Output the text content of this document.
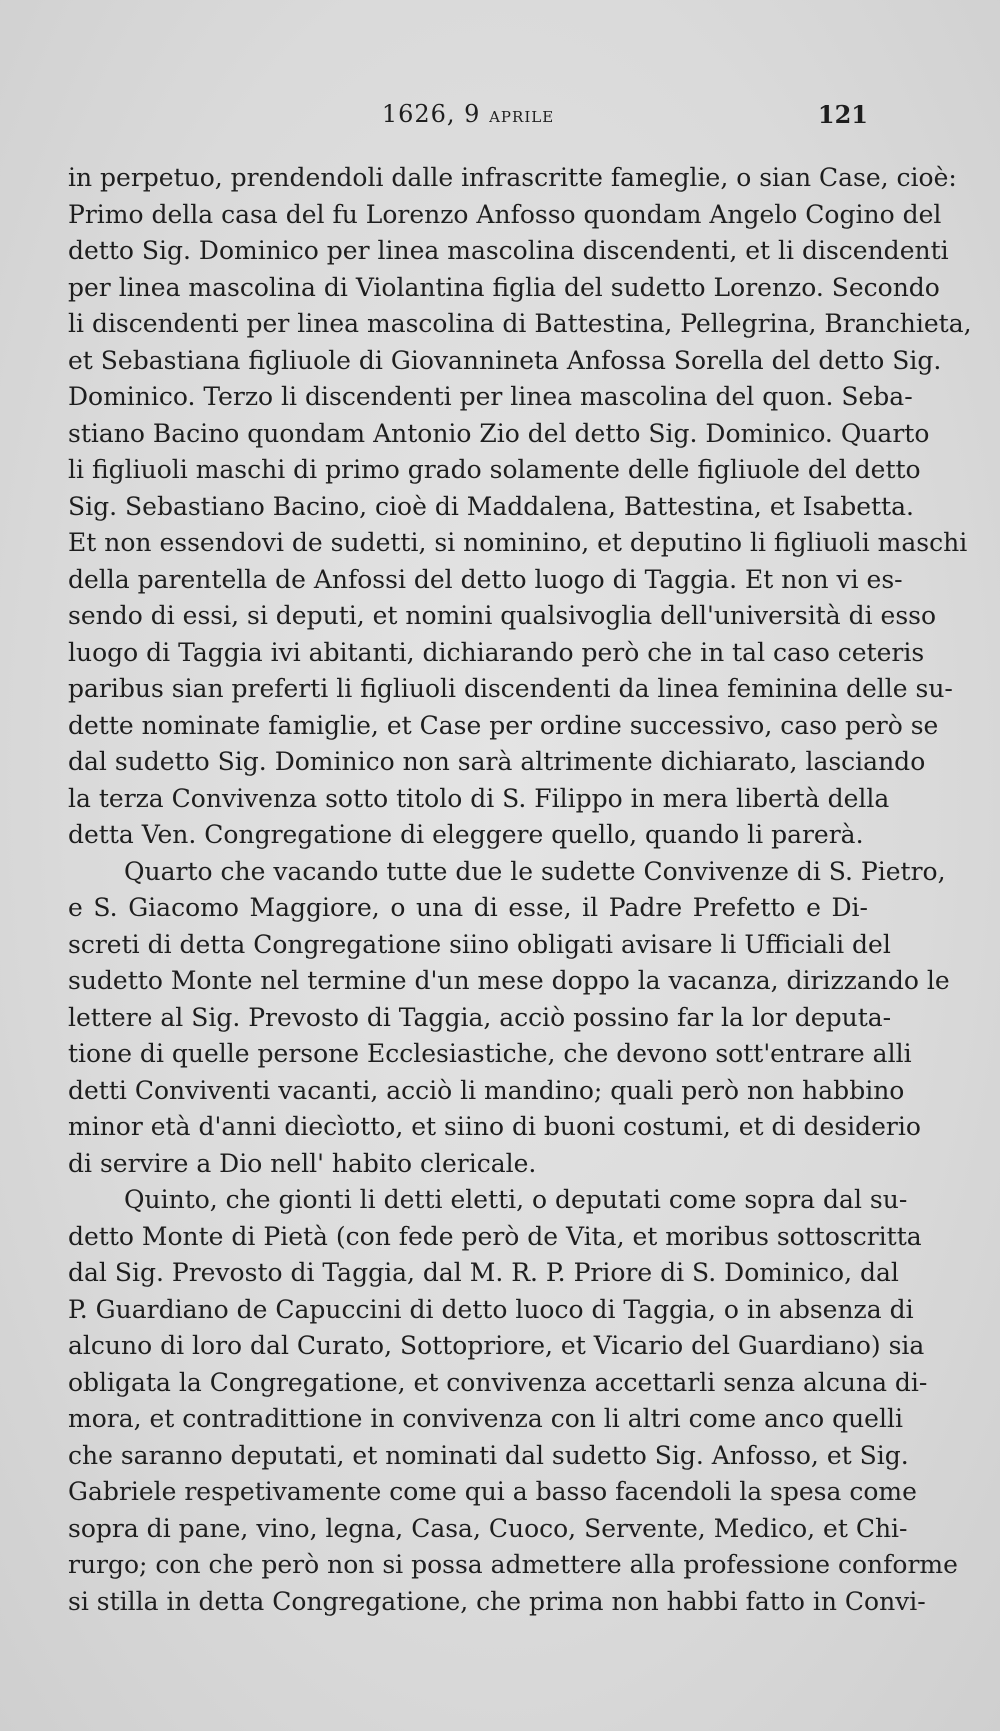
1626, 9 APRILE	121
in perpetuo, prendendoli dalle infrascritte fameglie, o sian Case, cioè:
Primo della casa del fu Lorenzo Anfosso quondam Angelo Cogino del
detto Sig. Dominico per linea mascolina discendenti, et li discendenti
per linea mascolina di Violantina figlia del sudetto Lorenzo. Secondo
li discendenti per linea mascolina di Battestina, Pellegrina, Branchieta,
et Sebastiana figliuole di Giovannineta Anfossa Sorella del detto Sig.
Dominico. Terzo li discendenti per linea mascolina del quon. Seba-
stiano Bacino quondam Antonio Zio del detto Sig. Dominico. Quarto
li figliuoli maschi di primo grado solamente delle figliuole del detto
Sig. Sebastiano Bacino, cioè di Maddalena, Battestina, et Isabetta.
Et non essendovi de sudetti, si nominino, et deputino li figliuoli maschi
della parentella de Anfossi del detto luogo di Taggia. Et non vi es-
sendo di essi, si deputi, et nomini qualsivoglia dell'università di esso
luogo di Taggia ivi abitanti, dichiarando però che in tal caso ceteris
paribus sian preferti li figliuoli discendenti da linea feminina delle su-
dette nominate famiglie, et Case per ordine successivo, caso però se
dal sudetto Sig. Dominico non sarà altrimente dichiarato, lasciando
la terza Convivenza sotto titolo di S. Filippo in mera libertà della
detta Ven. Congregatione di eleggere quello, quando li parerà.
Quarto che vacando tutte due le sudette Convivenze di S. Pietro,
e S. Giacomo Maggiore, o una di esse, il Padre Prefetto e Di-
screti di detta Congregatione siino obligati avisare li Ufficiali del
sudetto Monte nel termine d'un mese doppo la vacanza, dirizzando le
lettere al Sig. Prevosto di Taggia, acciò possino far la lor deputa-
tione di quelle persone Ecclesiastiche, che devono sott'entrare alli
detti Conviventi vacanti, acciò li mandino; quali però non habbino
minor età d'anni diecìotto, et siino di buoni costumi, et di desiderio
di servire a Dio nell' habito clericale.
Quinto, che gionti li detti eletti, o deputati come sopra dal su-
detto Monte di Pietà (con fede però de Vita, et moribus sottoscritta
dal Sig. Prevosto di Taggia, dal M. R. P. Priore di S. Dominico, dal
P. Guardiano de Capuccini di detto luoco di Taggia, o in absenza di
alcuno di loro dal Curato, Sottopriore, et Vicario del Guardiano) sia
obligata la Congregatione, et convivenza accettarli senza alcuna di-
mora, et contradittione in convivenza con li altri come anco quelli
che saranno deputati, et nominati dal sudetto Sig. Anfosso, et Sig.
Gabriele respetivamente come qui a basso facendoli la spesa come
sopra di pane, vino, legna, Casa, Cuoco, Servente, Medico, et Chi-
rurgo; con che però non si possa admettere alla professione conforme
si stilla in detta Congregatione, che prima non habbi fatto in Convi-
